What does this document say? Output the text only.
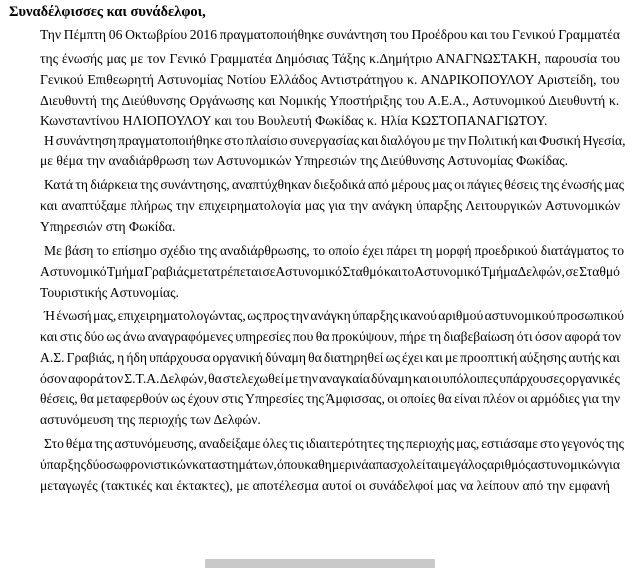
Συναδέλφισσες και συνάδελφοι,
Την Πέμπτη 06 Οκτωβρίου 2016 πραγματοποιήθηκε συνάντηση του Προέδρου και του Γενικού Γραμματέα
της ένωσής μας με τον Γενικό Γραμματέα Δημόσιας Τάξης κ.Δημήτριο ΑΝΑΓΝΩΣΤΑΚΗ, παρουσία του
Γενικού Επιθεωρητή Αστυνομίας Νοτίου Ελλάδος Αντιστράτηγου κ. ΑΝΔΡΙΚΟΠΟΥΛΟΥ Αριστείδη, του
Διευθυντή της Διεύθυνσης Οργάνωσης και Νομικής Υποστήριξης του Α.Ε.Α., Αστυνομικού Διευθυντή κ.
Κωνσταντίνου ΗΛΙΟΠΟΥΛΟΥ και του Βουλευτή Φωκίδας κ. Ηλία ΚΩΣΤΟΠΑΝΑΓΙΩΤΟΥ.
Η συνάντηση πραγματοποιήθηκε στο πλαίσιο συνεργασίας και διαλόγου με την Πολιτική και Φυσική Ηγεσία,
με θέμα την αναδιάρθρωση των Αστυνομικών Υπηρεσιών της Διεύθυνσης Αστυνομίας Φωκίδας.
Κατά τη διάρκεια της συνάντησης, αναπτύχθηκαν διεξοδικά από μέρους μας οι πάγιες θέσεις της ένωσής μας
και αναπτύξαμε πλήρως την επιχειρηματολογία μας για την ανάγκη ύπαρξης Λειτουργικών Αστυνομικών
Υπηρεσιών στη Φωκίδα.
Με βάση το επίσημο σχέδιο της αναδιάρθρωσης, το οποίο έχει πάρει τη μορφή προεδρικού διατάγματος το
Αστυνομικό Τμήμα Γραβιάς μετατρέπεται σε Αστυνομικό Σταθμό και το Αστυνομικό Τμήμα Δελφών, σε Σταθμό
Τουριστικής Αστυνομίας.
Ή ένωσή μας, επιχειρηματολογώντας, ως προς την ανάγκη ύπαρξης ικανού αριθμού αστυνομικού προσωπικού
και στις δύο ως άνω αναγραφόμενες υπηρεσίες που θα προκύψουν, πήρε τη διαβεβαίωση ότι όσον αφορά τον
Α.Σ. Γραβιάς, η ήδη υπάρχουσα οργανική δύναμη θα διατηρηθεί ως έχει και με προοπτική αύξησης αυτής και
όσον αφορά τον Σ.Τ.Α. Δελφών, θα στελεχωθεί με την αναγκαία δύναμη και οι υπόλοιπες υπάρχουσες οργανικές
θέσεις, θα μεταφερθούν ως έχουν στις Υπηρεσίες της Άμφισσας, οι οποίες θα είναι πλέον οι αρμόδιες για την
αστυνόμευση της περιοχής των Δελφών.
Στο θέμα της αστυνόμευσης, αναδείξαμε όλες τις ιδιαιτερότητες της περιοχής μας, εστιάσαμε στο γεγονός της
ύπαρξης δύο σωφρονιστικών καταστημάτων, όπου καθημερινά απασχολείται μεγάλος αριθμός αστυνομικών για
μεταγωγές (τακτικές και έκτακτες), με αποτέλεσμα αυτοί οι συνάδελφοί μας να λείπουν από την εμφανή
